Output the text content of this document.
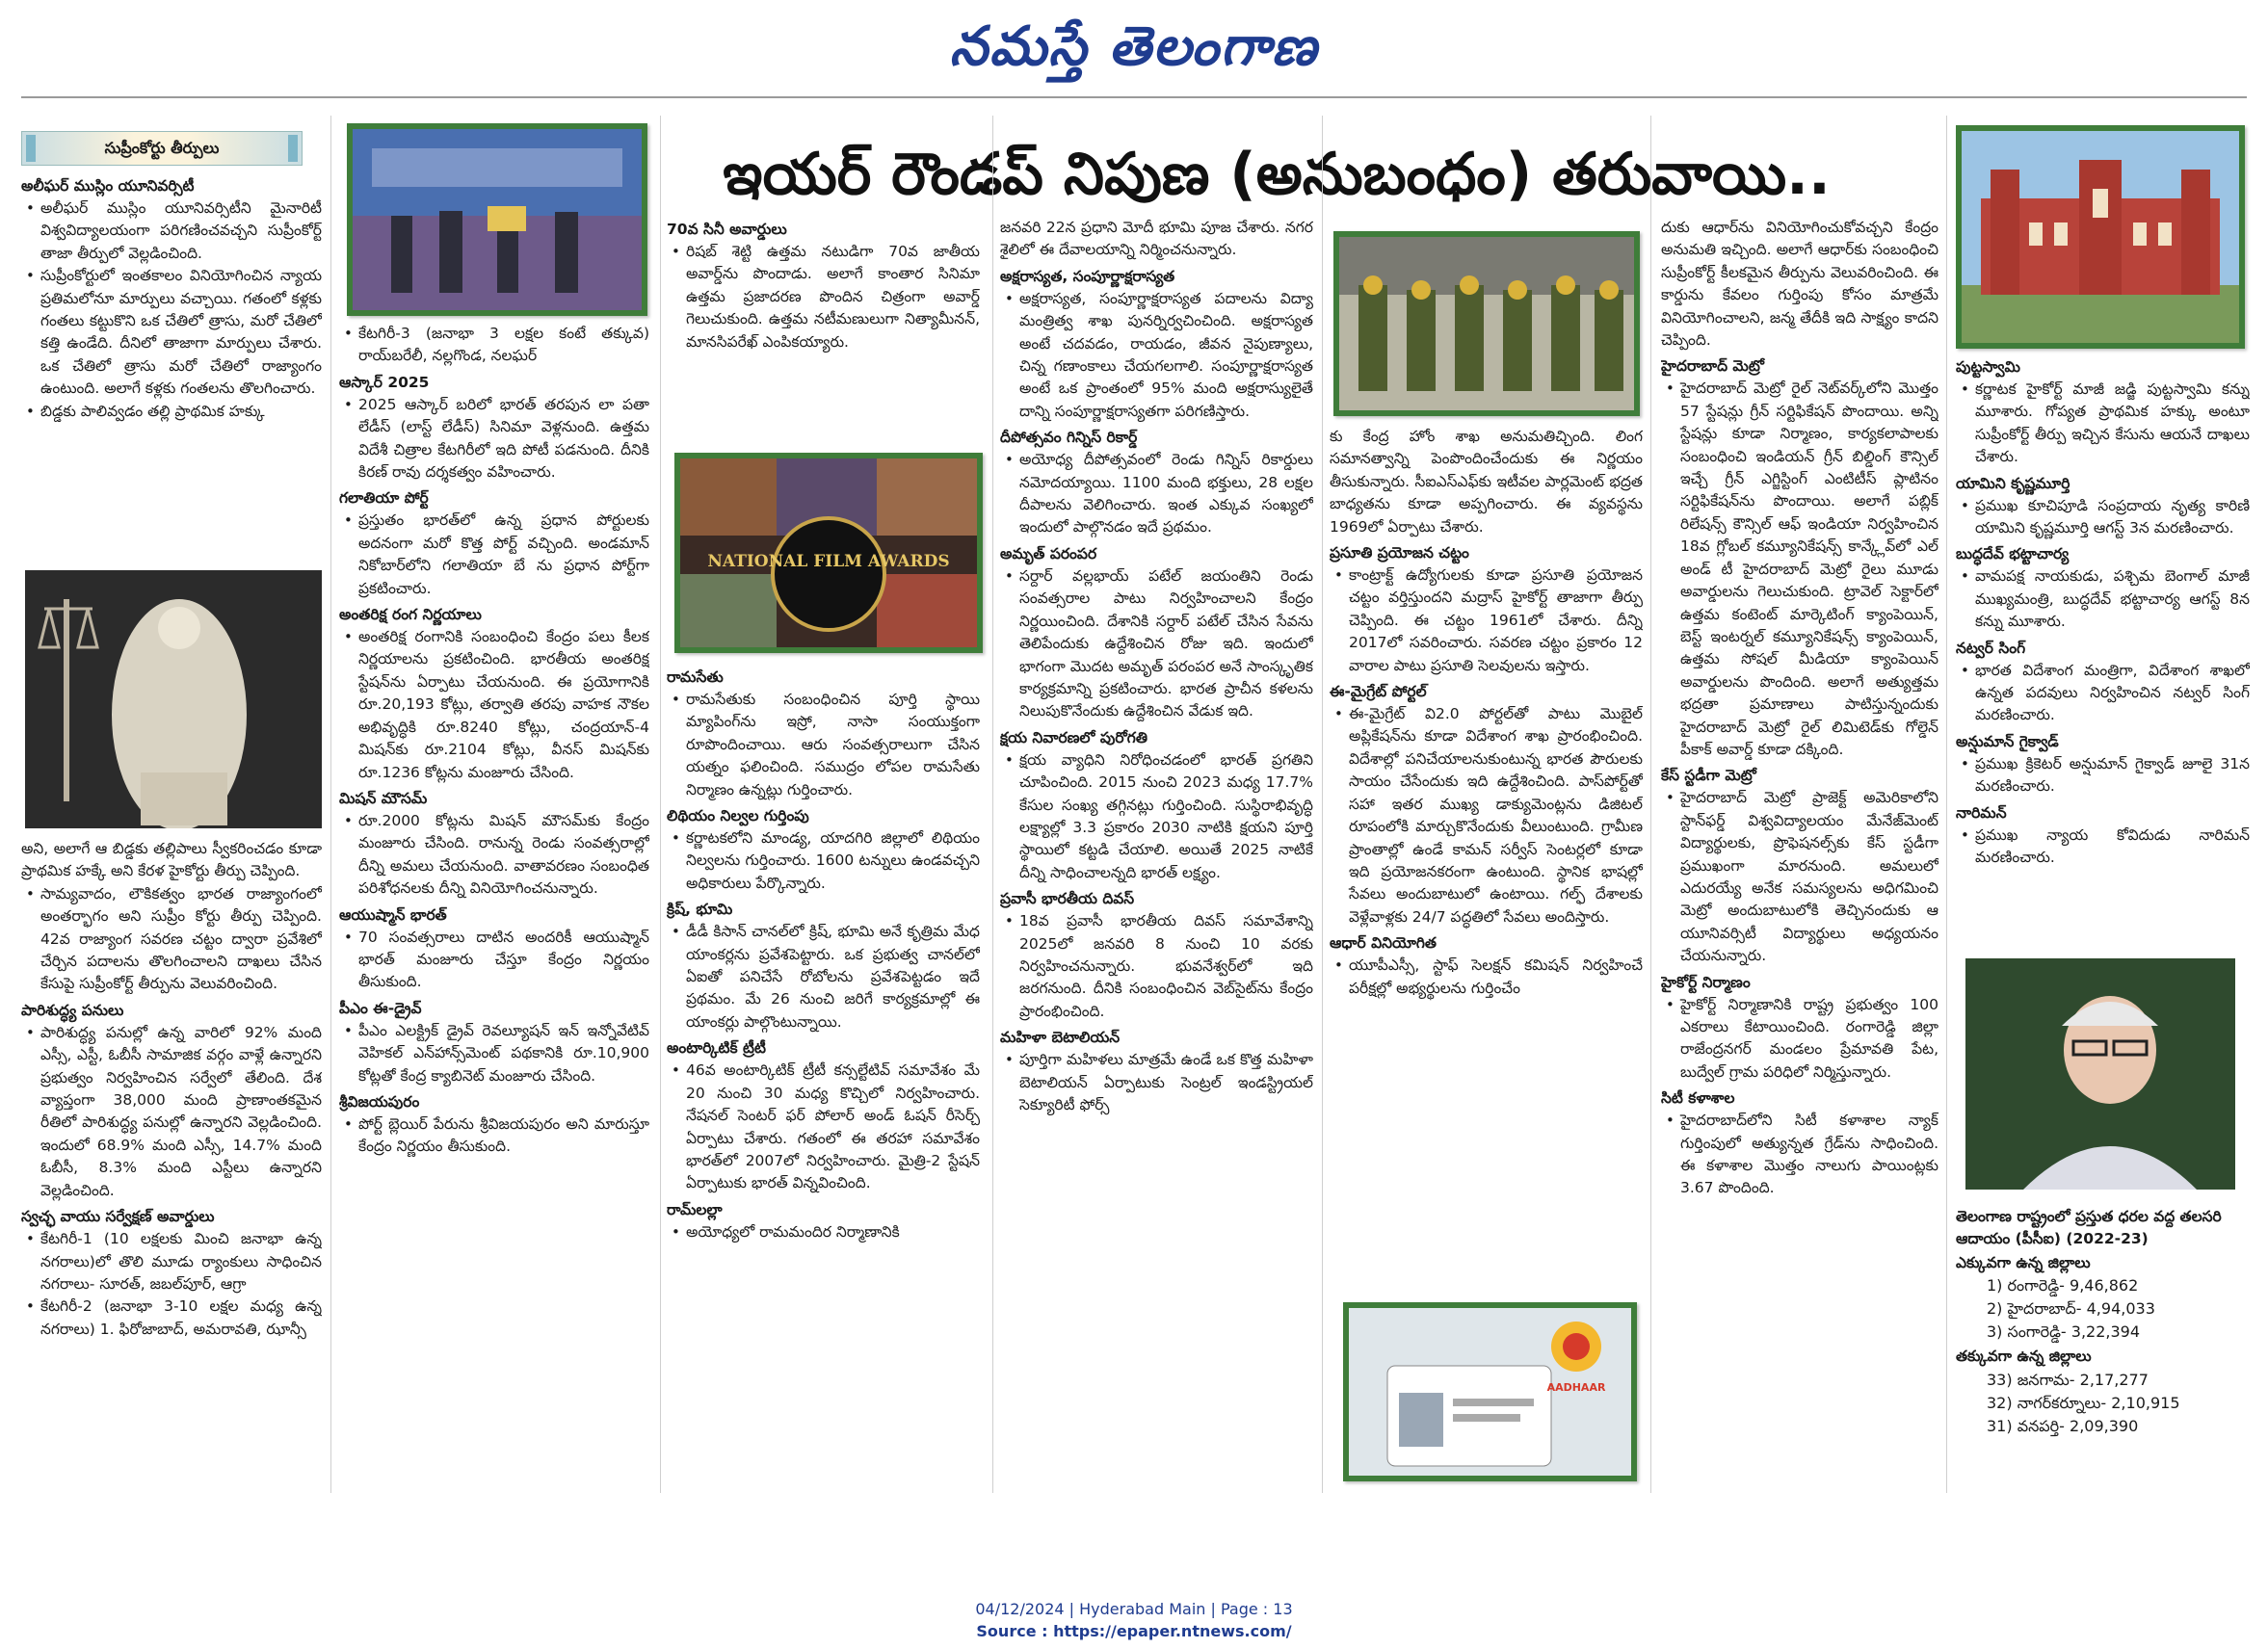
నమస్తే తెలంగాణ
ఇయర్ రౌండప్ నిపుణ (అనుబంధం) తరువాయి..
సుప్రీంకోర్టు తీర్పులు
అలీఘర్ ముస్లిం యూనివర్సిటీ
• అలీఘర్ ముస్లిం యూనివర్సిటీని మైనారిటీ విశ్వవిద్యాలయంగా పరిగణించవచ్చని సుప్రీంకోర్ట్ తాజా తీర్పులో వెల్లడించింది.
• సుప్రీంకోర్టులో ఇంతకాలం వినియోగించిన న్యాయ ప్రతిమలోనూ మార్పులు వచ్చాయి. గతంలో కళ్లకు గంతలు కట్టుకొని ఒక చేతిలో త్రాసు, మరో చేతిలో కత్తి ఉండేది. దీనిలో తాజాగా మార్పులు చేశారు. ఒక చేతిలో త్రాసు మరో చేతిలో రాజ్యాంగం ఉంటుంది. అలాగే కళ్లకు గంతలను తొలగించారు.
• బిడ్డకు పాలివ్వడం తల్లి ప్రాథమిక హక్కు
అని, అలాగే ఆ బిడ్డకు తల్లిపాలు స్వీకరించడం కూడా ప్రాథమిక హక్కే అని కేరళ హైకోర్టు తీర్పు చెప్పింది.
• సామ్యవాదం, లౌకికత్వం భారత రాజ్యాంగంలో అంతర్భాగం అని సుప్రీం కోర్టు తీర్పు చెప్పింది. 42వ రాజ్యాంగ సవరణ చట్టం ద్వారా ప్రవేశిలో చేర్చిన పదాలను తొలగించాలని దాఖలు చేసిన కేసుపై సుప్రీంకోర్ట్ తీర్పును వెలువరించింది.
పారిశుద్ధ్య పనులు
• పారిశుద్ధ్య పనుల్లో ఉన్న వారిలో 92% మంది ఎస్సీ, ఎస్టీ, ఓబీసీ సామాజిక వర్గం వాళ్లే ఉన్నారని ప్రభుత్వం నిర్వహించిన సర్వేలో తేలింది. దేశ వ్యాప్తంగా 38,000 మంది ప్రాణాంతకమైన రీతిలో పారిశుద్ధ్య పనుల్లో ఉన్నారని వెల్లడించింది. ఇందులో 68.9% మంది ఎస్సీ, 14.7% మంది ఓబీసీ, 8.3% మంది ఎస్టీలు ఉన్నారని వెల్లడించింది.
స్వచ్ఛ వాయు సర్వేక్షణ్ అవార్డులు
• కేటగిరీ-1 (10 లక్షలకు మించి జనాభా ఉన్న నగరాలు)లో తొలి మూడు ర్యాంకులు సాధించిన నగరాలు- సూరత్, జబల్‌పూర్, ఆగ్రా
• కేటగిరీ-2 (జనాభా 3-10 లక్షల మధ్య ఉన్న నగరాలు) 1. ఫిరోజాబాద్, అమరావతి, ఝాన్సీ
• కేటగిరీ-3 (జనాభా 3 లక్షల కంటే తక్కువ) రాయ్‌బరేలీ, నల్లగొండ, నలఘర్
ఆస్కార్ 2025
• 2025 ఆస్కార్ బరిలో భారత్ తరపున లా పతా లేడీస్ (లాస్ట్ లేడీస్) సినిమా వెళ్లనుంది. ఉత్తమ విదేశీ చిత్రాల కేటగిరీలో ఇది పోటీ పడనుంది. దీనికి కిరణ్ రావు దర్శకత్వం వహించారు.
గలాతియా పోర్ట్
• ప్రస్తుతం భారత్‌లో ఉన్న ప్రధాన పోర్టులకు అదనంగా మరో కొత్త పోర్ట్ వచ్చింది. అండమాన్ నికోబార్‌లోని గలాతియా బే ను ప్రధాన పోర్ట్‌గా ప్రకటించారు.
అంతరిక్ష రంగ నిర్ణయాలు
• అంతరిక్ష రంగానికి సంబంధించి కేంద్రం పలు కీలక నిర్ణయాలను ప్రకటించింది. భారతీయ అంతరిక్ష స్టేషన్‌ను ఏర్పాటు చేయనుంది. ఈ ప్రయోగానికి రూ.20,193 కోట్లు, తర్వాతి తరపు వాహక నౌకల అభివృద్ధికి రూ.8240 కోట్లు, చంద్రయాన్-4 మిషన్‌కు రూ.2104 కోట్లు, వీనస్ మిషన్‌కు రూ.1236 కోట్లను మంజూరు చేసింది.
మిషన్ మౌసమ్
• రూ.2000 కోట్లను మిషన్ మౌసమ్‌కు కేంద్రం మంజూరు చేసింది. రానున్న రెండు సంవత్సరాల్లో దీన్ని అమలు చేయనుంది. వాతావరణం సంబంధిత పరిశోధనలకు దీన్ని వినియోగించనున్నారు.
ఆయుష్మాన్ భారత్
• 70 సంవత్సరాలు దాటిన అందరికీ ఆయుష్మాన్ భారత్ మంజూరు చేస్తూ కేంద్రం నిర్ణయం తీసుకుంది.
పీఎం ఈ-డ్రైవ్
• పీఎం ఎలక్ట్రిక్ డ్రైవ్ రెవల్యూషన్ ఇన్ ఇన్నోవేటివ్ వెహికల్ ఎన్‌హాన్స్‌మెంట్ పథకానికి రూ.10,900 కోట్లతో కేంద్ర క్యాబినెట్ మంజూరు చేసింది.
శ్రీవిజయపురం
• పోర్ట్ బ్లెయిర్ పేరును శ్రీవిజయపురం అని మారుస్తూ కేంద్రం నిర్ణయం తీసుకుంది.
70వ సినీ అవార్డులు
• రిషబ్ శెట్టి ఉత్తమ నటుడిగా 70వ జాతీయ అవార్డ్‌ను పొందాడు. అలాగే కాంతార సినిమా ఉత్తమ ప్రజాదరణ పొందిన చిత్రంగా అవార్డ్ గెలుచుకుంది. ఉత్తమ నటీమణులుగా నిత్యామీనన్, మానసిపరేఖ్ ఎంపికయ్యారు.
NATIONAL FILM AWARDS
రామసేతు
• రామసేతుకు సంబంధించిన పూర్తి స్థాయి మ్యాపింగ్‌ను ఇస్రో, నాసా సంయుక్తంగా రూపొందించాయి. ఆరు సంవత్సరాలుగా చేసిన యత్నం ఫలించింది. సముద్రం లోపల రామసేతు నిర్మాణం ఉన్నట్లు గుర్తించారు.
లిథియం నిల్వల గుర్తింపు
• కర్ణాటకలోని మాండ్య, యాదగిరి జిల్లాలో లిథియం నిల్వలను గుర్తించారు. 1600 టన్నులు ఉండవచ్చని అధికారులు పేర్కొన్నారు.
క్రిష్, భూమి
• డీడీ కిసాన్ చానల్‌లో క్రిష్, భూమి అనే కృత్రిమ మేధ యాంకర్లను ప్రవేశపెట్టారు. ఒక ప్రభుత్వ చానల్‌లో ఏఐతో పనిచేసే రోబోలను ప్రవేశపెట్టడం ఇదే ప్రథమం. మే 26 నుంచి జరిగే కార్యక్రమాల్లో ఈ యాంకర్లు పాల్గొంటున్నాయి.
అంటార్కిటిక్ ట్రీటీ
• 46వ అంటార్కిటిక్ ట్రీటీ కన్సల్టేటివ్ సమావేశం మే 20 నుంచి 30 మధ్య కొచ్చిలో నిర్వహించారు. నేషనల్ సెంటర్ ఫర్ పోలార్ అండ్ ఓషన్ రీసెర్చ్ ఏర్పాటు చేశారు. గతంలో ఈ తరహా సమావేశం భారత్‌లో 2007లో నిర్వహించారు. మైత్రి-2 స్టేషన్ ఏర్పాటుకు భారత్ విన్నవించింది.
రామ్‌లల్లా
• అయోధ్యలో రామమందిర నిర్మాణానికి
జనవరి 22న ప్రధాని మోదీ భూమి పూజ చేశారు. నగర శైలిలో ఈ దేవాలయాన్ని నిర్మించనున్నారు.
అక్షరాస్యత, సంపూర్ణాక్షరాస్యత
• అక్షరాస్యత, సంపూర్ణాక్షరాస్యత పదాలను విద్యా మంత్రిత్వ శాఖ పునర్నిర్వచించింది. అక్షరాస్యత అంటే చదవడం, రాయడం, జీవన నైపుణ్యాలు, చిన్న గణాంకాలు చేయగలగాలి. సంపూర్ణాక్షరాస్యత అంటే ఒక ప్రాంతంలో 95% మంది అక్షరాస్యులైతే దాన్ని సంపూర్ణాక్షరాస్యతగా పరిగణిస్తారు.
దీపోత్సవం గిన్నిస్ రికార్డ్
• అయోధ్య దీపోత్సవంలో రెండు గిన్నిస్ రికార్డులు నమోదయ్యాయి. 1100 మంది భక్తులు, 28 లక్షల దీపాలను వెలిగించారు. ఇంత ఎక్కువ సంఖ్యలో ఇందులో పాల్గొనడం ఇదే ప్రథమం.
అమృత్ పరంపర
• సర్దార్ వల్లభాయ్ పటేల్ జయంతిని రెండు సంవత్సరాల పాటు నిర్వహించాలని కేంద్రం నిర్ణయించింది. దేశానికి సర్దార్ పటేల్ చేసిన సేవను తెలిపేందుకు ఉద్దేశించిన రోజు ఇది. ఇందులో భాగంగా మొదట అమృత్ పరంపర అనే సాంస్కృతిక కార్యక్రమాన్ని ప్రకటించారు. భారత ప్రాచీన కళలను నిలుపుకొనేందుకు ఉద్దేశించిన వేడుక ఇది.
క్షయ నివారణలో పురోగతి
• క్షయ వ్యాధిని నిరోధించడంలో భారత్ ప్రగతిని చూపించింది. 2015 నుంచి 2023 మధ్య 17.7% కేసుల సంఖ్య తగ్గినట్లు గుర్తించింది. సుస్థిరాభివృద్ధి లక్ష్యాల్లో 3.3 ప్రకారం 2030 నాటికి క్షయని పూర్తి స్థాయిలో కట్టడి చేయాలి. అయితే 2025 నాటికే దీన్ని సాధించాలన్నది భారత్ లక్ష్యం.
ప్రవాసీ భారతీయ దివస్
• 18వ ప్రవాసీ భారతీయ దివస్ సమావేశాన్ని 2025లో జనవరి 8 నుంచి 10 వరకు నిర్వహించనున్నారు. భువనేశ్వర్‌లో ఇది జరగనుంది. దీనికి సంబంధించిన వెబ్‌సైట్‌ను కేంద్రం ప్రారంభించింది.
మహిళా బెటాలియన్
• పూర్తిగా మహిళలు మాత్రమే ఉండే ఒక కొత్త మహిళా బెటాలియన్ ఏర్పాటుకు సెంట్రల్ ఇండస్ట్రియల్ సెక్యూరిటీ ఫోర్స్
కు కేంద్ర హోం శాఖ అనుమతిచ్చింది. లింగ సమానత్వాన్ని పెంపొందించేందుకు ఈ నిర్ణయం తీసుకున్నారు. సీఐఎస్ఎఫ్‌కు ఇటీవల పార్లమెంట్ భద్రత బాధ్యతను కూడా అప్పగించారు. ఈ వ్యవస్థను 1969లో ఏర్పాటు చేశారు.
ప్రసూతి ప్రయోజన చట్టం
• కాంట్రాక్ట్ ఉద్యోగులకు కూడా ప్రసూతి ప్రయోజన చట్టం వర్తిస్తుందని మద్రాస్ హైకోర్ట్ తాజాగా తీర్పు చెప్పింది. ఈ చట్టం 1961లో చేశారు. దీన్ని 2017లో సవరించారు. సవరణ చట్టం ప్రకారం 12 వారాల పాటు ప్రసూతి సెలవులను ఇస్తారు.
ఈ-మైగ్రేట్ పోర్టల్
• ఈ-మైగ్రేట్ వి2.0 పోర్టల్‌తో పాటు మొబైల్ అప్లికేషన్‌ను కూడా విదేశాంగ శాఖ ప్రారంభించింది. విదేశాల్లో పనిచేయాలనుకుంటున్న భారత పౌరులకు సాయం చేసేందుకు ఇది ఉద్దేశించింది. పాస్‌పోర్ట్‌తో సహా ఇతర ముఖ్య డాక్యుమెంట్లను డిజిటల్ రూపంలోకి మార్చుకొనేందుకు వీలుంటుంది. గ్రామీణ ప్రాంతాల్లో ఉండే కామన్ సర్వీస్ సెంటర్లలో కూడా ఇది ప్రయోజనకరంగా ఉంటుంది. స్థానిక భాషల్లో సేవలు అందుబాటులో ఉంటాయి. గల్ఫ్ దేశాలకు వెళ్లేవాళ్లకు 24/7 పద్ధతిలో సేవలు అందిస్తారు.
ఆధార్ వినియోగిత
• యూపీఎస్సీ, స్టాఫ్ సెలక్షన్ కమిషన్ నిర్వహించే పరీక్షల్లో అభ్యర్థులను గుర్తించేం
AADHAAR
దుకు ఆధార్‌ను వినియోగించుకోవచ్చని కేంద్రం అనుమతి ఇచ్చింది. అలాగే ఆధార్‌కు సంబంధించి సుప్రీంకోర్ట్ కీలకమైన తీర్పును వెలువరించింది. ఈ కార్డును కేవలం గుర్తింపు కోసం మాత్రమే వినియోగించాలని, జన్మ తేదీకి ఇది సాక్ష్యం కాదని చెప్పింది.
హైదరాబాద్ మెట్రో
• హైదరాబాద్ మెట్రో రైల్ నెట్‌వర్క్‌లోని మొత్తం 57 స్టేషన్లు గ్రీన్ సర్టిఫికేషన్ పొందాయి. అన్ని స్టేషన్లు కూడా నిర్మాణం, కార్యకలాపాలకు సంబంధించి ఇండియన్ గ్రీన్ బిల్డింగ్ కౌన్సిల్ ఇచ్చే గ్రీన్ ఎగ్జిస్టింగ్ ఎంటిటీస్ ప్లాటినం సర్టిఫికేషన్‌ను పొందాయి. అలాగే పబ్లిక్ రిలేషన్స్ కౌన్సిల్ ఆఫ్ ఇండియా నిర్వహించిన 18వ గ్లోబల్ కమ్యూనికేషన్స్ కాన్క్లేవ్‌లో ఎల్ అండ్ టీ హైదరాబాద్ మెట్రో రైలు మూడు అవార్డులను గెలుచుకుంది. ట్రావెల్ సెక్టార్‌లో ఉత్తమ కంటెంట్ మార్కెటింగ్ క్యాంపెయిన్, బెస్ట్ ఇంటర్నల్ కమ్యూనికేషన్స్ క్యాంపెయిన్, ఉత్తమ సోషల్ మీడియా క్యాంపెయిన్ అవార్డులను పొందింది. అలాగే అత్యుత్తమ భద్రతా ప్రమాణాలు పాటిస్తున్నందుకు హైదరాబాద్ మెట్రో రైల్ లిమిటెడ్‌కు గోల్డెన్ పీకాక్ అవార్డ్ కూడా దక్కింది.
కేస్ స్టడీగా మెట్రో
• హైదరాబాద్ మెట్రో ప్రాజెక్ట్ అమెరికాలోని స్టాన్‌ఫర్డ్ విశ్వవిద్యాలయం మేనేజ్‌మెంట్ విద్యార్థులకు, ప్రొఫెషనల్స్‌కు కేస్ స్టడీగా ప్రముఖంగా మారనుంది. అమలులో ఎదురయ్యే అనేక సమస్యలను అధిగమించి మెట్రో అందుబాటులోకి తెచ్చినందుకు ఆ యూనివర్సిటీ విద్యార్థులు అధ్యయనం చేయనున్నారు.
హైకోర్ట్ నిర్మాణం
• హైకోర్ట్ నిర్మాణానికి రాష్ట్ర ప్రభుత్వం 100 ఎకరాలు కేటాయించింది. రంగారెడ్డి జిల్లా రాజేంద్రనగర్ మండలం ప్రేమావతి పేట, బుద్వేల్ గ్రామ పరిధిలో నిర్మిస్తున్నారు.
సిటీ కళాశాల
• హైదరాబాద్‌లోని సిటీ కళాశాల న్యాక్ గుర్తింపులో అత్యున్నత గ్రేడ్‌ను సాధించింది. ఈ కళాశాల మొత్తం నాలుగు పాయింట్లకు 3.67 పొందింది.
పుట్టస్వామి
• కర్ణాటక హైకోర్ట్ మాజీ జడ్జి పుట్టస్వామి కన్ను మూశారు. గోప్యత ప్రాథమిక హక్కు అంటూ సుప్రీంకోర్ట్ తీర్పు ఇచ్చిన కేసును ఆయనే దాఖలు చేశారు.
యామిని కృష్ణమూర్తి
• ప్రముఖ కూచిపూడి సంప్రదాయ నృత్య కారిణి యామిని కృష్ణమూర్తి ఆగస్ట్ 3న మరణించారు.
బుద్ధదేవ్ భట్టాచార్య
• వామపక్ష నాయకుడు, పశ్చిమ బెంగాల్ మాజీ ముఖ్యమంత్రి, బుద్ధదేవ్ భట్టాచార్య ఆగస్ట్ 8న కన్ను మూశారు.
నట్వర్ సింగ్
• భారత విదేశాంగ మంత్రిగా, విదేశాంగ శాఖలో ఉన్నత పదవులు నిర్వహించిన నట్వర్ సింగ్ మరణించారు.
అన్షుమాన్ గైక్వాడ్
• ప్రముఖ క్రికెటర్ అన్షుమాన్ గైక్వాడ్ జూలై 31న మరణించారు.
నారిమన్
• ప్రముఖ న్యాయ కోవిదుడు నారిమన్ మరణించారు.
తెలంగాణ రాష్ట్రంలో ప్రస్తుత ధరల వద్ద తలసరి ఆదాయం (పీసీఐ) (2022-23)
ఎక్కువగా ఉన్న జిల్లాలు
1) రంగారెడ్డి- 9,46,862
2) హైదరాబాద్- 4,94,033
3) సంగారెడ్డి- 3,22,394
తక్కువగా ఉన్న జిల్లాలు
33) జనగామ- 2,17,277
32) నాగర్‌కర్నూలు- 2,10,915
31) వనపర్తి- 2,09,390
04/12/2024 | Hyderabad Main | Page : 13
Source : https://epaper.ntnews.com/
